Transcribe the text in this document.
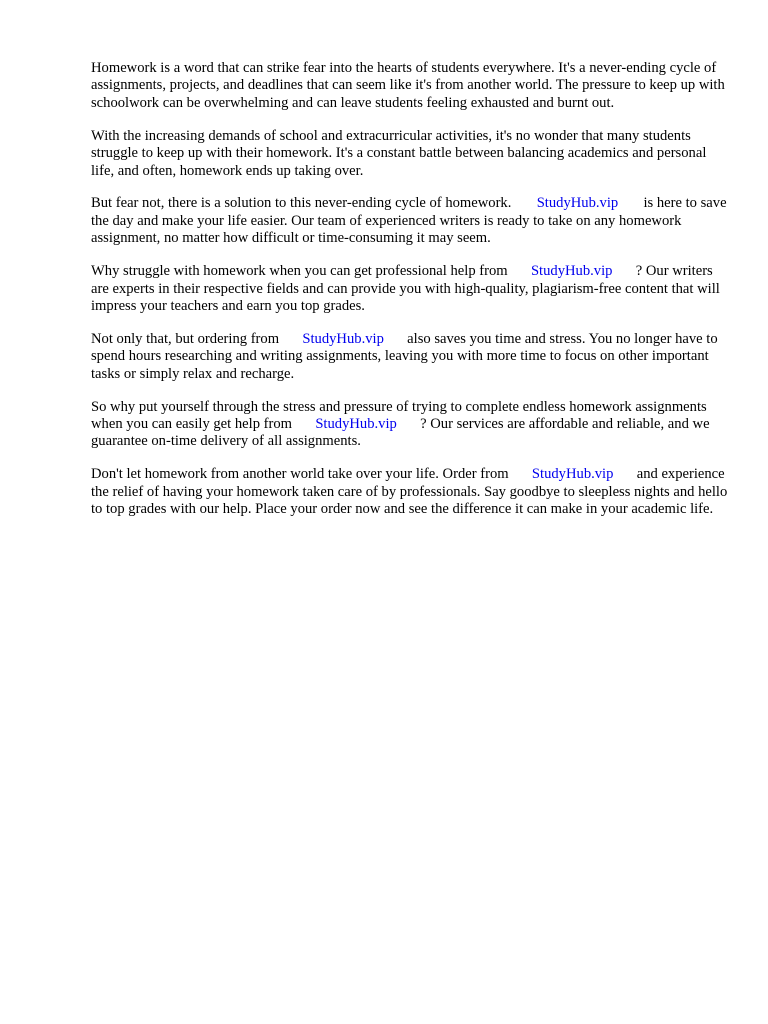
Homework is a word that can strike fear into the hearts of students everywhere. It's a never-ending cycle of assignments, projects, and deadlines that can seem like it's from another world. The pressure to keep up with schoolwork can be overwhelming and can leave students feeling exhausted and burnt out.

With the increasing demands of school and extracurricular activities, it's no wonder that many students struggle to keep up with their homework. It's a constant battle between balancing academics and personal life, and often, homework ends up taking over.

But fear not, there is a solution to this never-ending cycle of homework. StudyHub.vip is here to save the day and make your life easier. Our team of experienced writers is ready to take on any homework assignment, no matter how difficult or time-consuming it may seem.

Why struggle with homework when you can get professional help from StudyHub.vip ? Our writers are experts in their respective fields and can provide you with high-quality, plagiarism-free content that will impress your teachers and earn you top grades.

Not only that, but ordering from StudyHub.vip also saves you time and stress. You no longer have to spend hours researching and writing assignments, leaving you with more time to focus on other important tasks or simply relax and recharge.

So why put yourself through the stress and pressure of trying to complete endless homework assignments when you can easily get help from StudyHub.vip ? Our services are affordable and reliable, and we guarantee on-time delivery of all assignments.

Don't let homework from another world take over your life. Order from StudyHub.vip and experience the relief of having your homework taken care of by professionals. Say goodbye to sleepless nights and hello to top grades with our help. Place your order now and see the difference it can make in your academic life.
